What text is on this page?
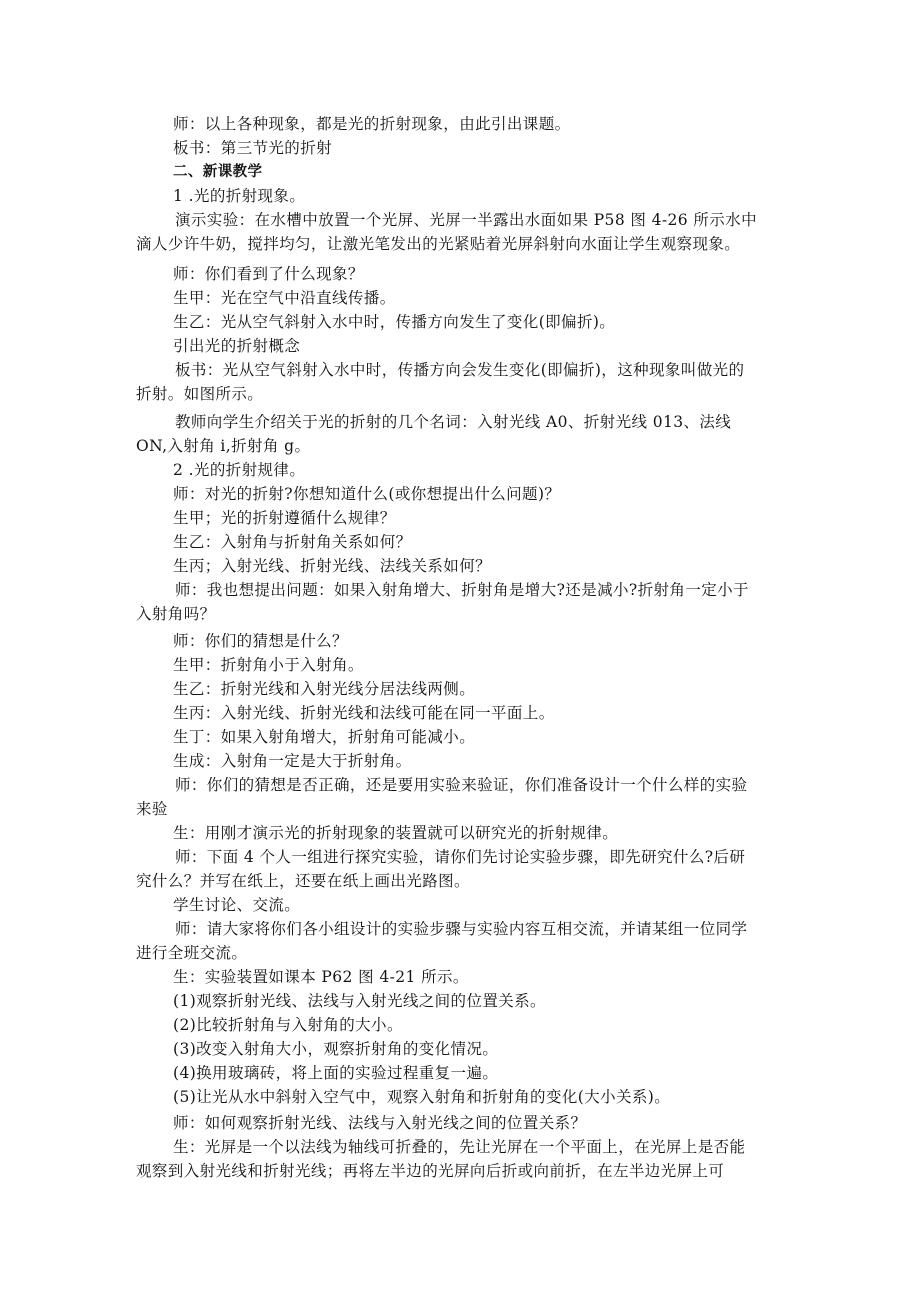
师：以上各种现象，都是光的折射现象，由此引出课题。
板书：第三节光的折射
二、新课教学
1 .光的折射现象。
演示实验：在水槽中放置一个光屏、光屏一半露出水面如果 P58 图 4-26 所示水中
滴人少许牛奶，搅拌均匀，让激光笔发出的光紧贴着光屏斜射向水面让学生观察现象。
师：你们看到了什么现象？
生甲：光在空气中沿直线传播。
生乙：光从空气斜射入水中时，传播方向发生了变化(即偏折)。
引出光的折射概念
板书：光从空气斜射入水中时，传播方向会发生变化(即偏折)，这种现象叫做光的
折射。如图所示。
教师向学生介绍关于光的折射的几个名词：入射光线 A0、折射光线 013、法线
ON,入射角 i,折射角 g。
2 .光的折射规律。
师：对光的折射?你想知道什么(或你想提出什么问题)？
生甲；光的折射遵循什么规律？
生乙：入射角与折射角关系如何？
生丙；入射光线、折射光线、法线关系如何？
师：我也想提出问题：如果入射角增大、折射角是增大?还是减小?折射角一定小于
入射角吗？
师：你们的猜想是什么？
生甲：折射角小于入射角。
生乙：折射光线和入射光线分居法线两侧。
生丙：入射光线、折射光线和法线可能在同一平面上。
生丁：如果入射角增大，折射角可能减小。
生成：入射角一定是大于折射角。
师：你们的猜想是否正确，还是要用实验来验证，你们准备设计一个什么样的实验
来验
生：用刚才演示光的折射现象的装置就可以研究光的折射规律。
师：下面 4 个人一组进行探究实验，请你们先讨论实验步骤，即先研究什么?后研
究什么？并写在纸上，还要在纸上画出光路图。
学生讨论、交流。
师：请大家将你们各小组设计的实验步骤与实验内容互相交流，并请某组一位同学
进行全班交流。
生：实验装置如课本 P62 图 4-21 所示。
(1)观察折射光线、法线与入射光线之间的位置关系。
(2)比较折射角与入射角的大小。
(3)改变入射角大小，观察折射角的变化情况。
(4)换用玻璃砖，将上面的实验过程重复一遍。
(5)让光从水中斜射入空气中，观察入射角和折射角的变化(大小关系)。
师：如何观察折射光线、法线与入射光线之间的位置关系？
生：光屏是一个以法线为轴线可折叠的，先让光屏在一个平面上，在光屏上是否能
观察到入射光线和折射光线；再将左半边的光屏向后折或向前折，在左半边光屏上可
